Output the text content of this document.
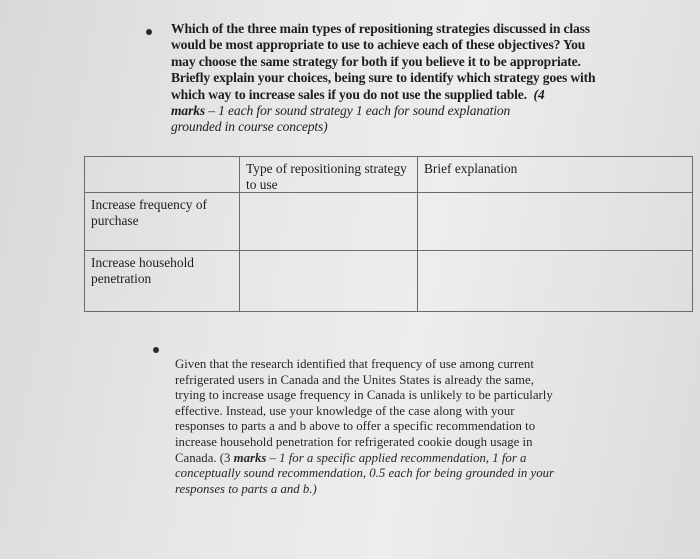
Which of the three main types of repositioning strategies discussed in class
would be most appropriate to use to achieve each of these objectives? You
may choose the same strategy for both if you believe it to be appropriate.
Briefly explain your choices, being sure to identify which strategy goes with
which way to increase sales if you do not use the supplied table. (4
marks – 1 each for sound strategy 1 each for sound explanation
grounded in course concepts)
	Type of repositioning strategy to use	Brief explanation
Increase frequency of purchase		
Increase household penetration		
Given that the research identified that frequency of use among current
refrigerated users in Canada and the Unites States is already the same,
trying to increase usage frequency in Canada is unlikely to be particularly
effective. Instead, use your knowledge of the case along with your
responses to parts a and b above to offer a specific recommendation to
increase household penetration for refrigerated cookie dough usage in
Canada. (3 marks – 1 for a specific applied recommendation, 1 for a
conceptually sound recommendation, 0.5 each for being grounded in your
responses to parts a and b.)
